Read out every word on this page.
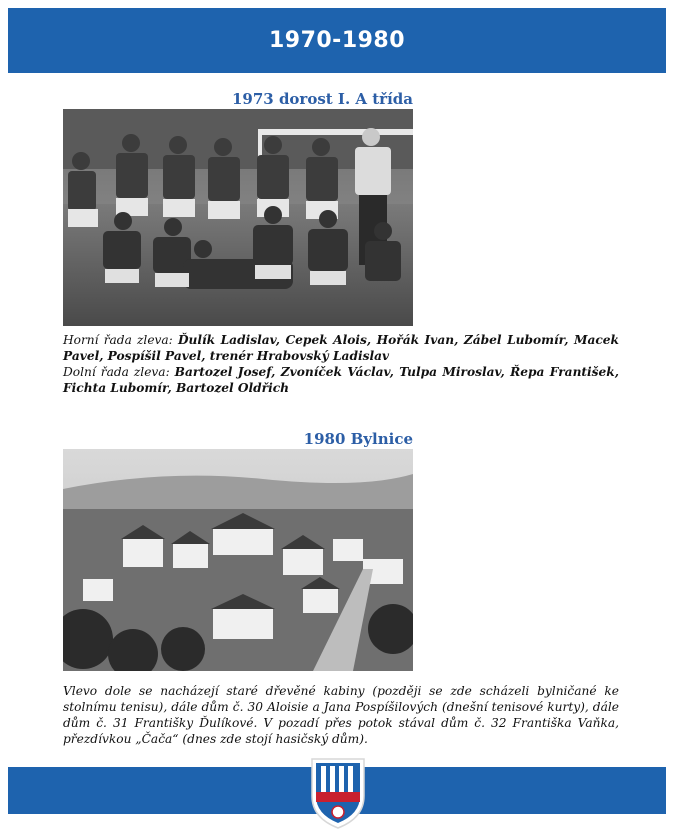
1970-1980
1973 dorost I. A třída
Horní řada zleva: Ďulík Ladislav, Cepek Alois, Hořák Ivan, Zábel Lubomír, Macek Pavel, Pospíšil Pavel, trenér Hrabovský Ladislav
Dolní řada zleva: Bartozel Josef, Zvoníček Václav, Tulpa Miroslav, Řepa František, Fichta Lubomír, Bartozel Oldřich
1980 Bylnice
Vlevo dole se nacházejí staré dřevěné kabiny (později se zde scházeli bylničané ke stolnímu tenisu), dále dům č. 30 Aloisie a Jana Pospíšilových (dnešní tenisové kurty), dále dům č. 31 Františky Ďulíkové. V pozadí přes potok stával dům č. 32 Františka Vaňka, přezdívkou „Čača“ (dnes zde stojí hasičský dům).
